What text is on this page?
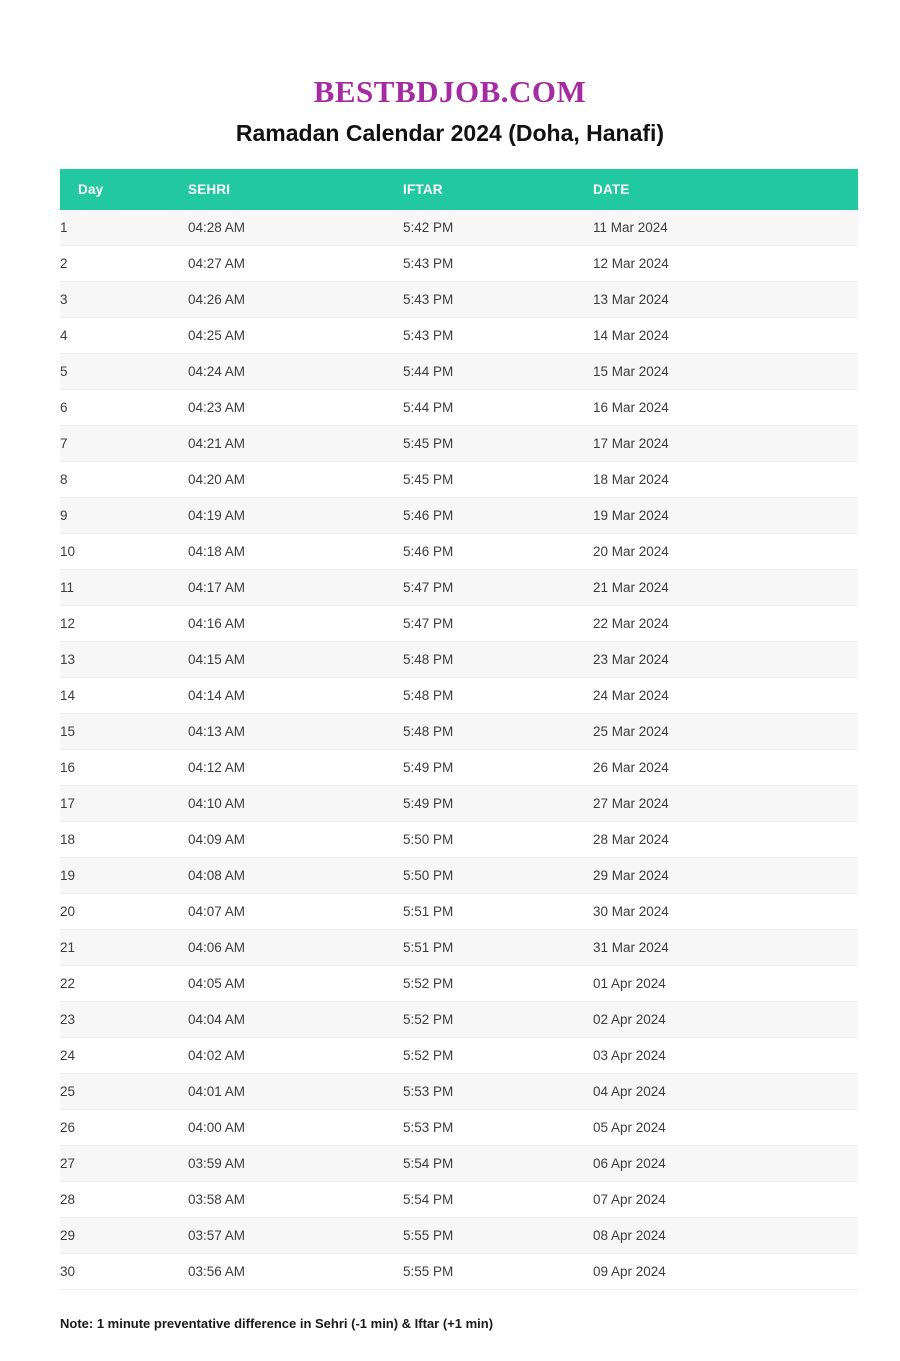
BESTBDJOB.COM
Ramadan Calendar 2024 (Doha, Hanafi)
Day	SEHRI	IFTAR	DATE
1	04:28 AM	5:42 PM	11 Mar 2024
2	04:27 AM	5:43 PM	12 Mar 2024
3	04:26 AM	5:43 PM	13 Mar 2024
4	04:25 AM	5:43 PM	14 Mar 2024
5	04:24 AM	5:44 PM	15 Mar 2024
6	04:23 AM	5:44 PM	16 Mar 2024
7	04:21 AM	5:45 PM	17 Mar 2024
8	04:20 AM	5:45 PM	18 Mar 2024
9	04:19 AM	5:46 PM	19 Mar 2024
10	04:18 AM	5:46 PM	20 Mar 2024
11	04:17 AM	5:47 PM	21 Mar 2024
12	04:16 AM	5:47 PM	22 Mar 2024
13	04:15 AM	5:48 PM	23 Mar 2024
14	04:14 AM	5:48 PM	24 Mar 2024
15	04:13 AM	5:48 PM	25 Mar 2024
16	04:12 AM	5:49 PM	26 Mar 2024
17	04:10 AM	5:49 PM	27 Mar 2024
18	04:09 AM	5:50 PM	28 Mar 2024
19	04:08 AM	5:50 PM	29 Mar 2024
20	04:07 AM	5:51 PM	30 Mar 2024
21	04:06 AM	5:51 PM	31 Mar 2024
22	04:05 AM	5:52 PM	01 Apr 2024
23	04:04 AM	5:52 PM	02 Apr 2024
24	04:02 AM	5:52 PM	03 Apr 2024
25	04:01 AM	5:53 PM	04 Apr 2024
26	04:00 AM	5:53 PM	05 Apr 2024
27	03:59 AM	5:54 PM	06 Apr 2024
28	03:58 AM	5:54 PM	07 Apr 2024
29	03:57 AM	5:55 PM	08 Apr 2024
30	03:56 AM	5:55 PM	09 Apr 2024
Note: 1 minute preventative difference in Sehri (-1 min) & Iftar (+1 min)
